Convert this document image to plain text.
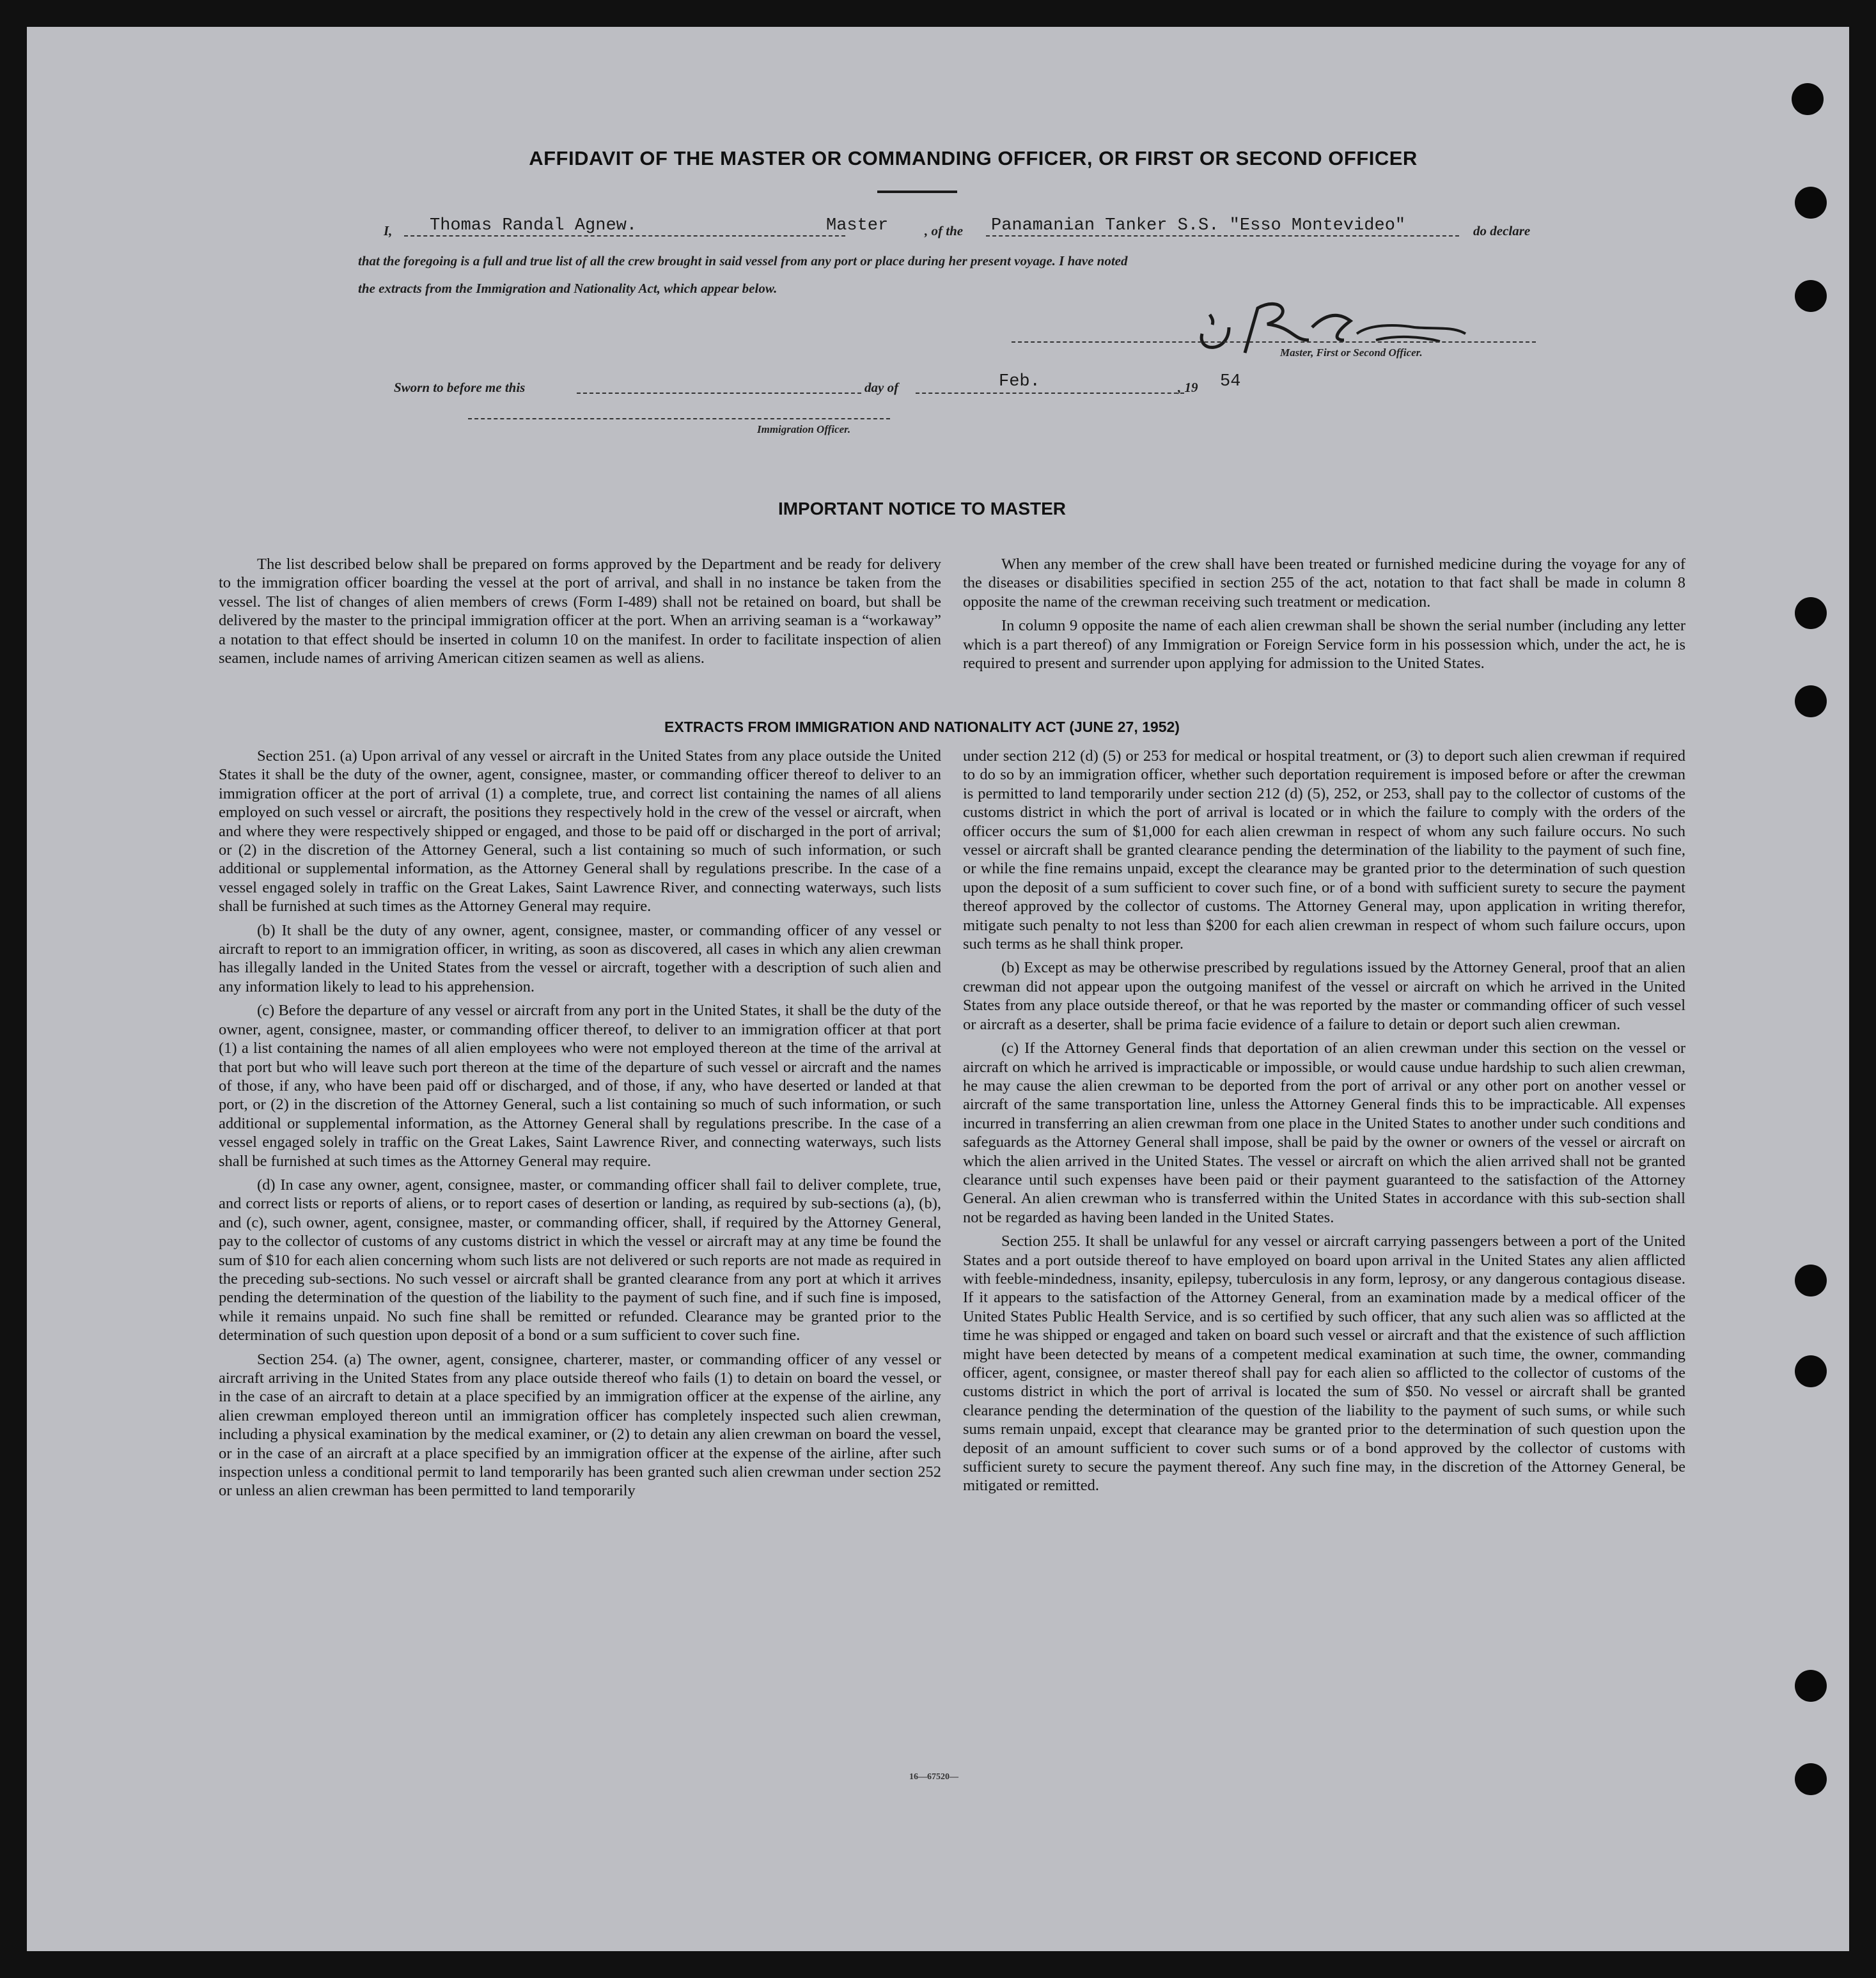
AFFIDAVIT OF THE MASTER OR COMMANDING OFFICER, OR FIRST OR SECOND OFFICER
I, Thomas Randal Agnew.	Master	, of the Panamanian Tanker S.S. "Esso Montevideo"	do declare
that the foregoing is a full and true list of all the crew brought in said vessel from any port or place during her present voyage. I have noted
the extracts from the Immigration and Nationality Act, which appear below.
Master, First or Second Officer.
Sworn to before me this	day of	Feb.	, 19 54
Immigration Officer.
IMPORTANT NOTICE TO MASTER

The list described below shall be prepared on forms approved by the Department and be ready for delivery to the immigration officer boarding the vessel at the port of arrival, and shall in no instance be taken from the vessel. The list of changes of alien members of crews (Form I-489) shall not be retained on board, but shall be delivered by the master to the principal immigration officer at the port. When an arriving seaman is a “workaway” a notation to that effect should be inserted in column 10 on the manifest. In order to facilitate inspection of alien seamen, include names of arriving American citizen seamen as well as aliens.

When any member of the crew shall have been treated or furnished medicine during the voyage for any of the diseases or disabilities specified in section 255 of the act, notation to that fact shall be made in column 8 opposite the name of the crewman receiving such treatment or medication.

In column 9 opposite the name of each alien crewman shall be shown the serial number (including any letter which is a part thereof) of any Immigration or Foreign Service form in his possession which, under the act, he is required to present and surrender upon applying for admission to the United States.

EXTRACTS FROM IMMIGRATION AND NATIONALITY ACT (JUNE 27, 1952)

Section 251. (a) Upon arrival of any vessel or aircraft in the United States from any place outside the United States it shall be the duty of the owner, agent, consignee, master, or commanding officer thereof to deliver to an immigration officer at the port of arrival (1) a complete, true, and correct list containing the names of all aliens employed on such vessel or aircraft, the positions they respectively hold in the crew of the vessel or aircraft, when and where they were respectively shipped or engaged, and those to be paid off or discharged in the port of arrival; or (2) in the discretion of the Attorney General, such a list containing so much of such information, or such additional or supplemental information, as the Attorney General shall by regulations prescribe. In the case of a vessel engaged solely in traffic on the Great Lakes, Saint Lawrence River, and connecting waterways, such lists shall be furnished at such times as the Attorney General may require.

(b) It shall be the duty of any owner, agent, consignee, master, or commanding officer of any vessel or aircraft to report to an immigration officer, in writing, as soon as discovered, all cases in which any alien crewman has illegally landed in the United States from the vessel or aircraft, together with a description of such alien and any information likely to lead to his apprehension.

(c) Before the departure of any vessel or aircraft from any port in the United States, it shall be the duty of the owner, agent, consignee, master, or commanding officer thereof, to deliver to an immigration officer at that port (1) a list containing the names of all alien employees who were not employed thereon at the time of the arrival at that port but who will leave such port thereon at the time of the departure of such vessel or aircraft and the names of those, if any, who have been paid off or discharged, and of those, if any, who have deserted or landed at that port, or (2) in the discretion of the Attorney General, such a list containing so much of such information, or such additional or supplemental information, as the Attorney General shall by regulations prescribe. In the case of a vessel engaged solely in traffic on the Great Lakes, Saint Lawrence River, and connecting waterways, such lists shall be furnished at such times as the Attorney General may require.

(d) In case any owner, agent, consignee, master, or commanding officer shall fail to deliver complete, true, and correct lists or reports of aliens, or to report cases of desertion or landing, as required by sub-sections (a), (b), and (c), such owner, agent, consignee, master, or commanding officer, shall, if required by the Attorney General, pay to the collector of customs of any customs district in which the vessel or aircraft may at any time be found the sum of $10 for each alien concerning whom such lists are not delivered or such reports are not made as required in the preceding sub-sections. No such vessel or aircraft shall be granted clearance from any port at which it arrives pending the determination of the question of the liability to the payment of such fine, and if such fine is imposed, while it remains unpaid. No such fine shall be remitted or refunded. Clearance may be granted prior to the determination of such question upon deposit of a bond or a sum sufficient to cover such fine.

Section 254. (a) The owner, agent, consignee, charterer, master, or commanding officer of any vessel or aircraft arriving in the United States from any place outside thereof who fails (1) to detain on board the vessel, or in the case of an aircraft to detain at a place specified by an immigration officer at the expense of the airline, any alien crewman employed thereon until an immigration officer has completely inspected such alien crewman, including a physical examination by the medical examiner, or (2) to detain any alien crewman on board the vessel, or in the case of an aircraft at a place specified by an immigration officer at the expense of the airline, after such inspection unless a conditional permit to land temporarily has been granted such alien crewman under section 252 or unless an alien crewman has been permitted to land temporarily

under section 212 (d) (5) or 253 for medical or hospital treatment, or (3) to deport such alien crewman if required to do so by an immigration officer, whether such deportation requirement is imposed before or after the crewman is permitted to land temporarily under section 212 (d) (5), 252, or 253, shall pay to the collector of customs of the customs district in which the port of arrival is located or in which the failure to comply with the orders of the officer occurs the sum of $1,000 for each alien crewman in respect of whom any such failure occurs. No such vessel or aircraft shall be granted clearance pending the determination of the liability to the payment of such fine, or while the fine remains unpaid, except the clearance may be granted prior to the determination of such question upon the deposit of a sum sufficient to cover such fine, or of a bond with sufficient surety to secure the payment thereof approved by the collector of customs. The Attorney General may, upon application in writing therefor, mitigate such penalty to not less than $200 for each alien crewman in respect of whom such failure occurs, upon such terms as he shall think proper.

(b) Except as may be otherwise prescribed by regulations issued by the Attorney General, proof that an alien crewman did not appear upon the outgoing manifest of the vessel or aircraft on which he arrived in the United States from any place outside thereof, or that he was reported by the master or commanding officer of such vessel or aircraft as a deserter, shall be prima facie evidence of a failure to detain or deport such alien crewman.

(c) If the Attorney General finds that deportation of an alien crewman under this section on the vessel or aircraft on which he arrived is impracticable or impossible, or would cause undue hardship to such alien crewman, he may cause the alien crewman to be deported from the port of arrival or any other port on another vessel or aircraft of the same transportation line, unless the Attorney General finds this to be impracticable. All expenses incurred in transferring an alien crewman from one place in the United States to another under such conditions and safeguards as the Attorney General shall impose, shall be paid by the owner or owners of the vessel or aircraft on which the alien arrived in the United States. The vessel or aircraft on which the alien arrived shall not be granted clearance until such expenses have been paid or their payment guaranteed to the satisfaction of the Attorney General. An alien crewman who is transferred within the United States in accordance with this sub-section shall not be regarded as having been landed in the United States.

Section 255. It shall be unlawful for any vessel or aircraft carrying passengers between a port of the United States and a port outside thereof to have employed on board upon arrival in the United States any alien afflicted with feeble-mindedness, insanity, epilepsy, tuberculosis in any form, leprosy, or any dangerous contagious disease. If it appears to the satisfaction of the Attorney General, from an examination made by a medical officer of the United States Public Health Service, and is so certified by such officer, that any such alien was so afflicted at the time he was shipped or engaged and taken on board such vessel or aircraft and that the existence of such affliction might have been detected by means of a competent medical examination at such time, the owner, commanding officer, agent, consignee, or master thereof shall pay for each alien so afflicted to the collector of customs of the customs district in which the port of arrival is located the sum of $50. No vessel or aircraft shall be granted clearance pending the determination of the question of the liability to the payment of such sums, or while such sums remain unpaid, except that clearance may be granted prior to the determination of such question upon the deposit of an amount sufficient to cover such sums or of a bond approved by the collector of customs with sufficient surety to secure the payment thereof. Any such fine may, in the discretion of the Attorney General, be mitigated or remitted.

16—67520—
